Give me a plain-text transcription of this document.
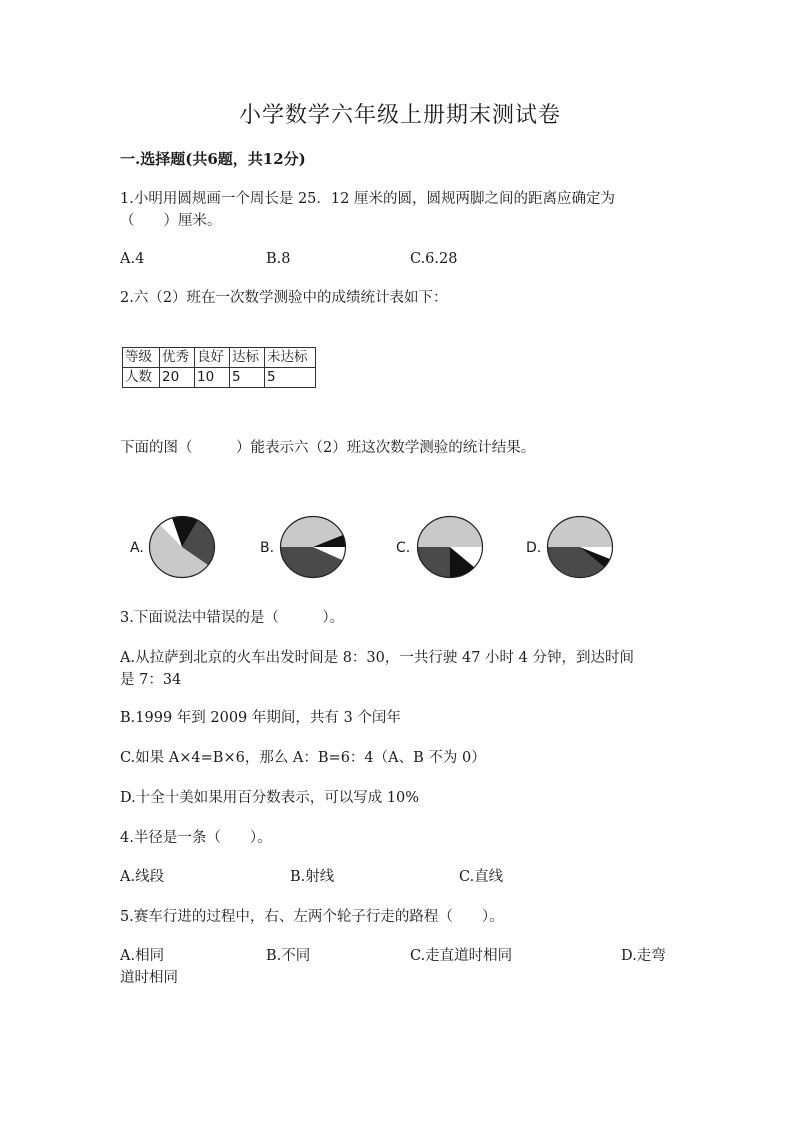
小学数学六年级上册期末测试卷
一.选择题(共6题，共12分)
1.小明用圆规画一个周长是 25．12 厘米的圆，圆规两脚之间的距离应确定为
（　　）厘米。
A.4	B.8	C.6.28
2.六（2）班在一次数学测验中的成绩统计表如下：
等级	优秀	良好	达标	未达标
人数	20	10	5	5
下面的图（　　　）能表示六（2）班这次数学测验的统计结果。
A.	B.	C.	D.
3.下面说法中错误的是（　　　）。
A.从拉萨到北京的火车出发时间是 8：30，一共行驶 47 小时 4 分钟，到达时间
是 7：34
B.1999 年到 2009 年期间，共有 3 个闰年
C.如果 A×4=B×6，那么 A：B=6：4（A、B 不为 0）
D.十全十美如果用百分数表示，可以写成 10%
4.半径是一条（　　）。
A.线段	B.射线	C.直线
5.赛车行进的过程中，右、左两个轮子行走的路程（　　）。
A.相同	B.不同	C.走直道时相同	D.走弯
道时相同
